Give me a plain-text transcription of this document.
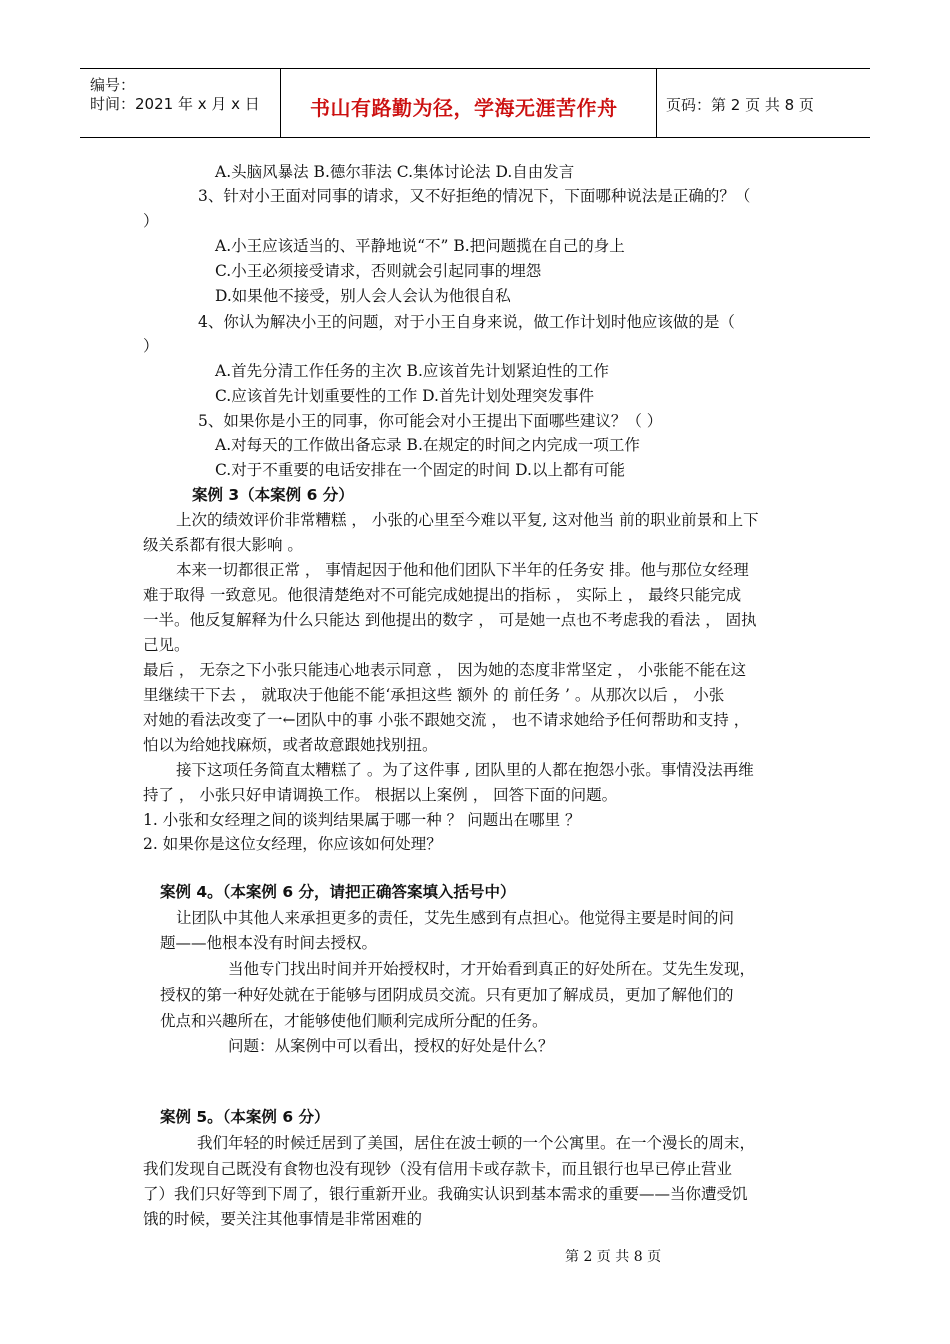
编号：
时间：2021 年 x 月 x 日	书山有路勤为径，学海无涯苦作舟	页码：第 2 页 共 8 页
A.头脑风暴法 B.德尔菲法 C.集体讨论法 D.自由发言
3、针对小王面对同事的请求，又不好拒绝的情况下，下面哪种说法是正确的？（
）
A.小王应该适当的、平静地说“不” B.把问题揽在自己的身上
C.小王必须接受请求，否则就会引起同事的埋怨
D.如果他不接受，别人会人会认为他很自私
4、你认为解决小王的问题，对于小王自身来说，做工作计划时他应该做的是（
）
A.首先分清工作任务的主次 B.应该首先计划紧迫性的工作
C.应该首先计划重要性的工作 D.首先计划处理突发事件
5、如果你是小王的同事，你可能会对小王提出下面哪些建议？（ ）
A.对每天的工作做出备忘录 B.在规定的时间之内完成一项工作
C.对于不重要的电话安排在一个固定的时间 D.以上都有可能
案例 3（本案例 6 分）
上次的绩效评价非常糟糕 ， 小张的心里至今难以平复, 这对他当 前的职业前景和上下
级关系都有很大影响 。
本来一切都很正常 ， 事情起因于他和他们团队下半年的任务安 排。他与那位女经理
难于取得 一致意见。他很清楚绝对不可能完成她提出的指标 ， 实际上 ， 最终只能完成
一半。他反复解释为什么只能达 到他提出的数字 ， 可是她一点也不考虑我的看法 ， 固执
己见。
最后 ， 无奈之下小张只能违心地表示同意 ， 因为她的态度非常坚定 ， 小张能不能在这
里继续干下去 ， 就取决于他能不能‘承担这些 额外 的 前任务 ’ 。从那次以后 ， 小张
对她的看法改变了一←团队中的事 小张不跟她交流 ， 也不请求她给予任何帮助和支持 ，
怕以为给她找麻烦，或者故意跟她找别扭。
接下这项任务简直太糟糕了 。为了这件事 , 团队里的人都在抱怨小张。事情没法再维
持了 ， 小张只好申请调换工作。 根据以上案例 ， 回答下面的问题。
1. 小张和女经理之间的谈判结果属于哪一种 ？ 问题出在哪里 ？
2. 如果你是这位女经理，你应该如何处理？
案例 4。（本案例 6 分，请把正确答案填入括号中）
让团队中其他人来承担更多的责任，艾先生感到有点担心。他觉得主要是时间的问
题——他根本没有时间去授权。
当他专门找出时间并开始授权时，才开始看到真正的好处所在。艾先生发现，
授权的第一种好处就在于能够与团阴成员交流。只有更加了解成员，更加了解他们的
优点和兴趣所在，才能够使他们顺利完成所分配的任务。
问题：从案例中可以看出，授权的好处是什么？
案例 5。（本案例 6 分）
我们年轻的时候迁居到了美国，居住在波士顿的一个公寓里。在一个漫长的周末，
我们发现自己既没有食物也没有现钞（没有信用卡或存款卡，而且银行也早已停止营业
了）我们只好等到下周了，银行重新开业。我确实认识到基本需求的重要——当你遭受饥
饿的时候，要关注其他事情是非常困难的
第 2 页 共 8 页
